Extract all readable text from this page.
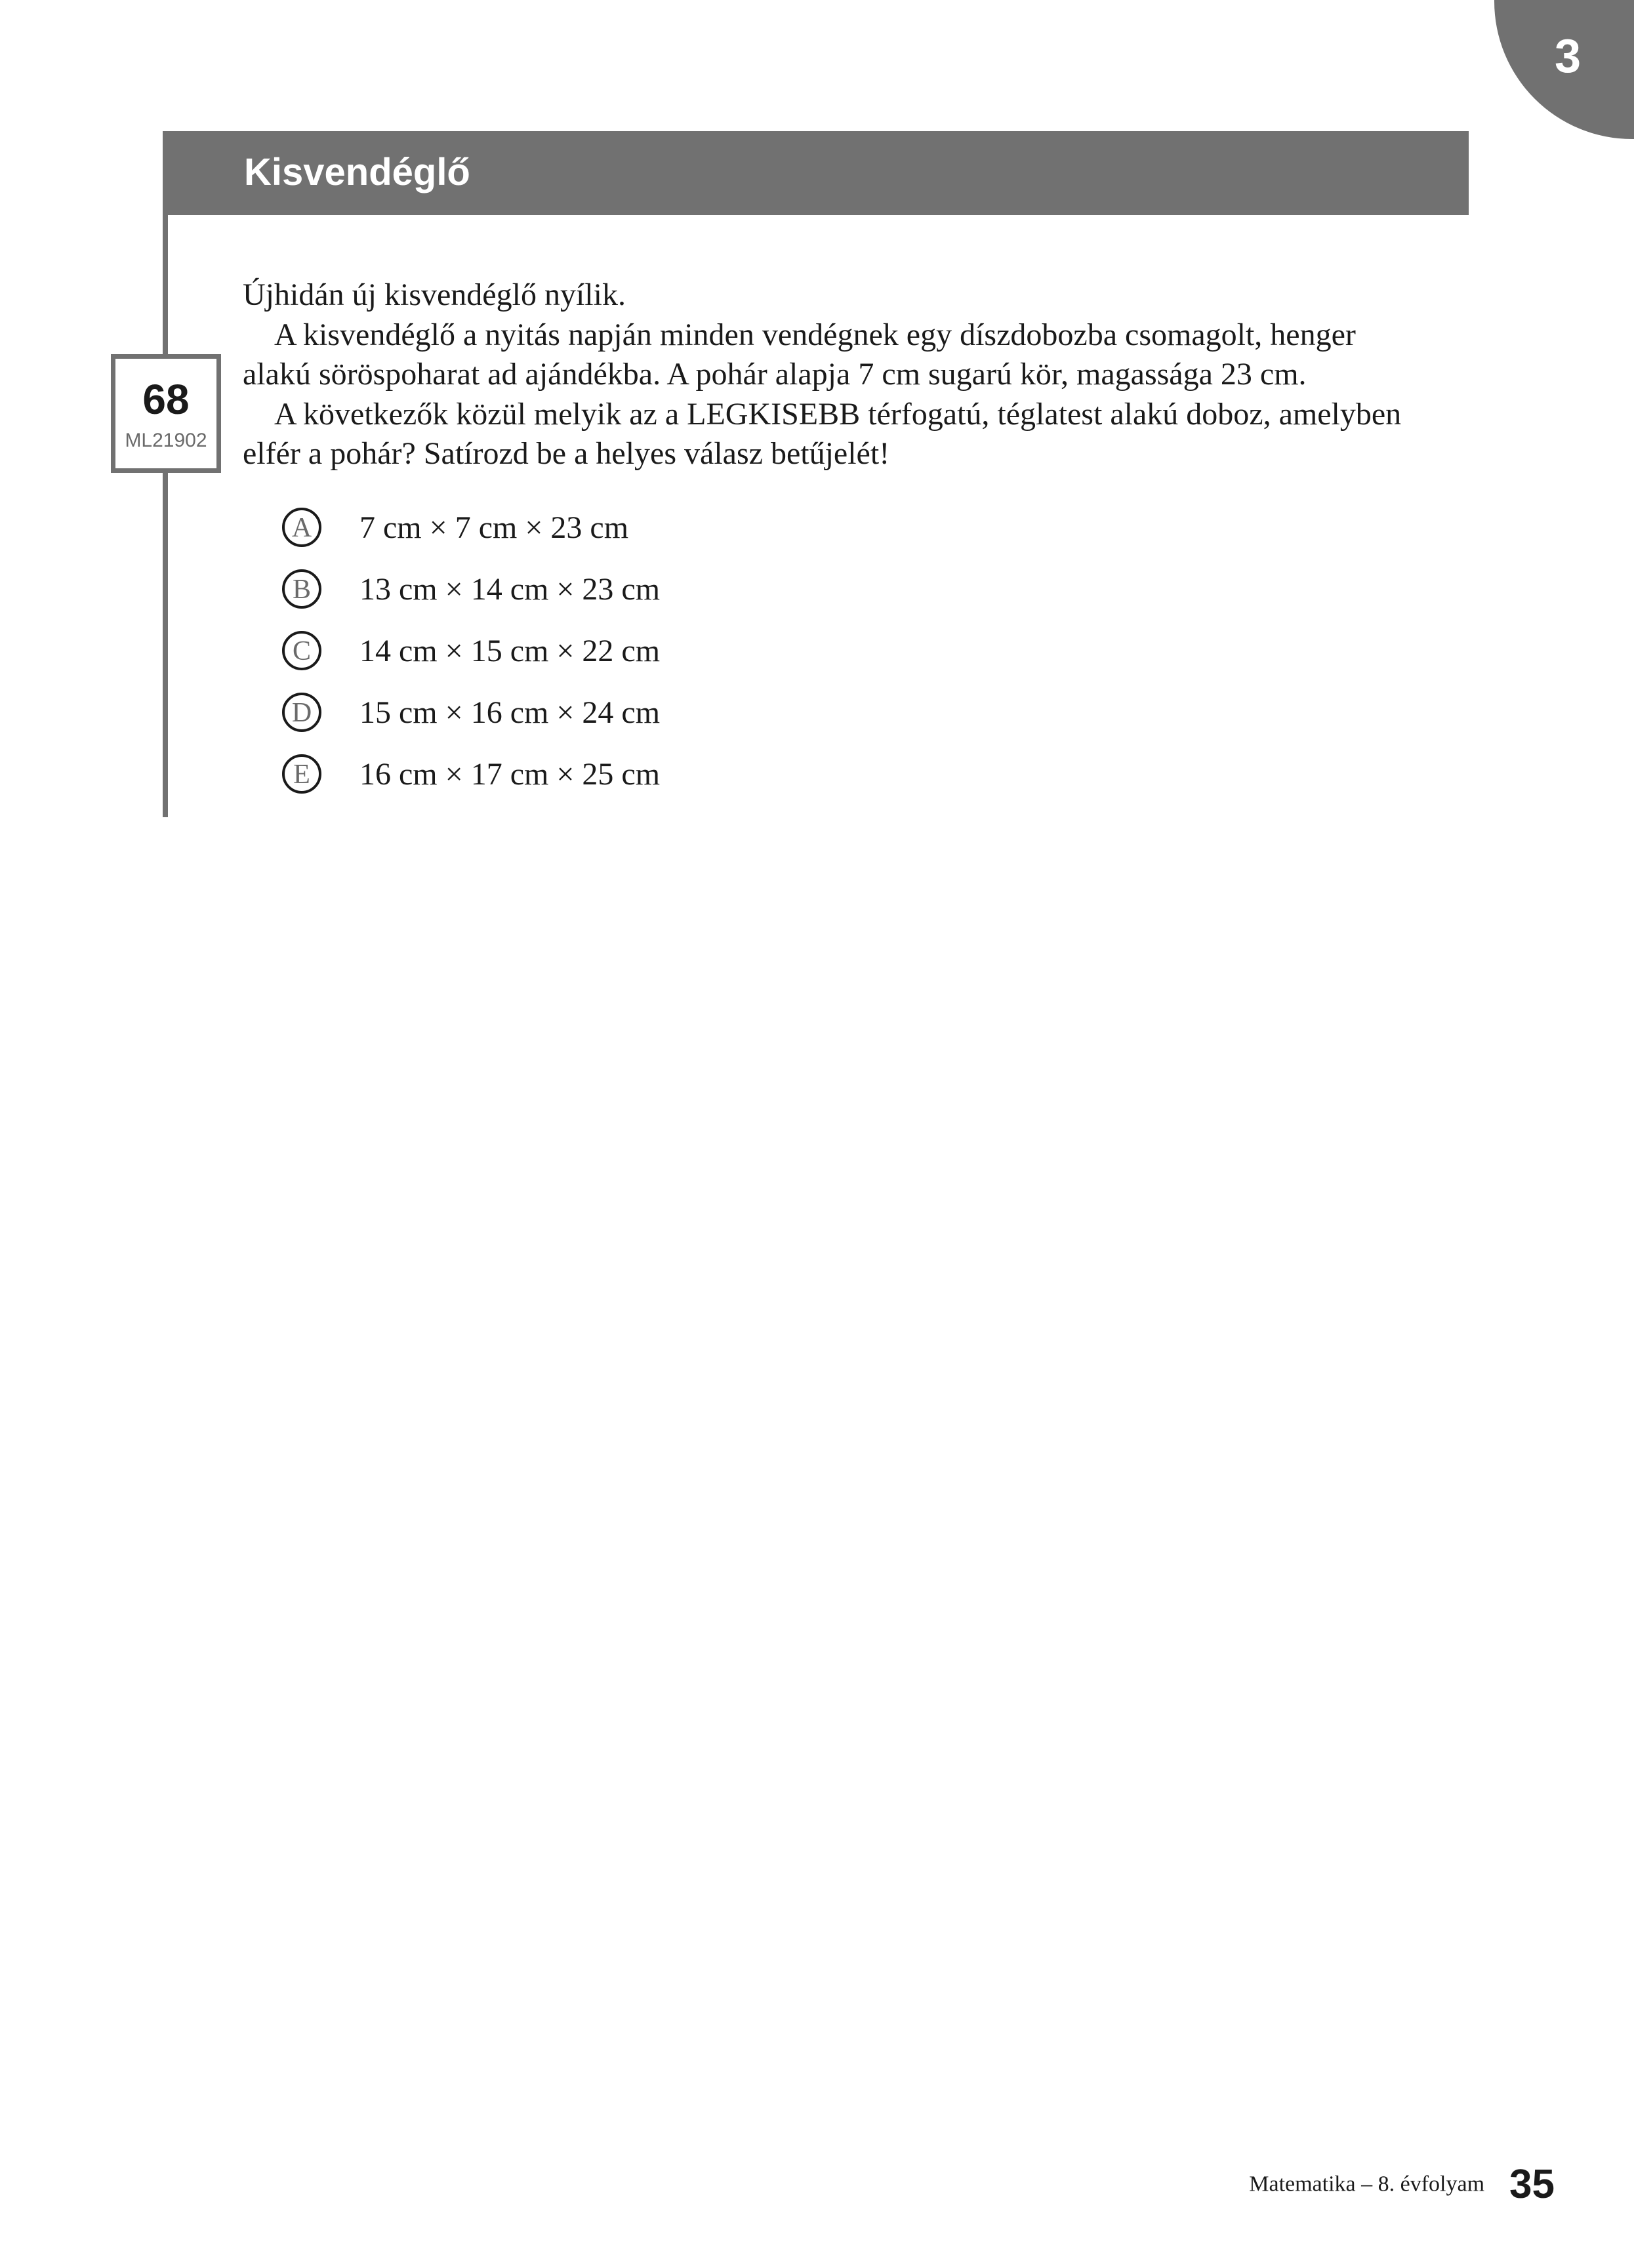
3
Kisvendéglő
68
ML21902

Újhidán új kisvendéglő nyílik.

A kisvendéglő a nyitás napján minden vendégnek egy díszdobozba csomagolt, henger

alakú söröspoharat ad ajándékba. A pohár alapja 7 cm sugarú kör, magassága 23 cm.

A következők közül melyik az a LEGKISEBB térfogatú, téglatest alakú doboz, amelyben

elfér a pohár? Satírozd be a helyes válasz betűjelét!

A	7 cm × 7 cm × 23 cm
B	13 cm × 14 cm × 23 cm
C	14 cm × 15 cm × 22 cm
D	15 cm × 16 cm × 24 cm
E	16 cm × 17 cm × 25 cm
Matematika – 8. évfolyam 35
